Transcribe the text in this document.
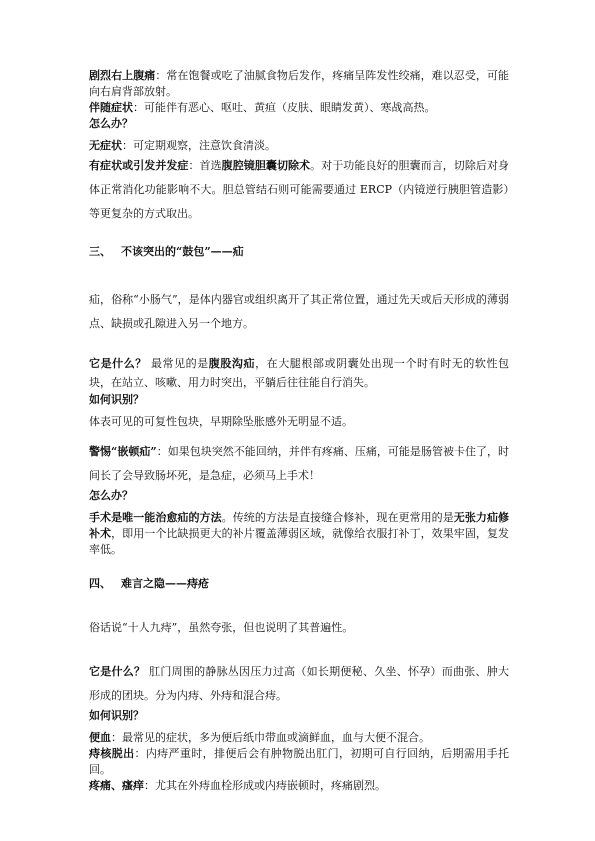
剧烈右上腹痛：常在饱餐或吃了油腻食物后发作，疼痛呈阵发性绞痛，难以忍受，可能向右肩背部放射。

伴随症状：可能伴有恶心、呕吐、黄疸（皮肤、眼睛发黄）、寒战高热。

怎么办？

无症状：可定期观察，注意饮食清淡。

有症状或引发并发症：首选腹腔镜胆囊切除术。对于功能良好的胆囊而言，切除后对身体正常消化功能影响不大。胆总管结石则可能需要通过 ERCP（内镜逆行胰胆管造影）等更复杂的方式取出。

三、 不该突出的“鼓包”——疝

疝，俗称“小肠气”，是体内器官或组织离开了其正常位置，通过先天或后天形成的薄弱点、缺损或孔隙进入另一个地方。

它是什么？ 最常见的是腹股沟疝，在大腿根部或阴囊处出现一个时有时无的软性包块，在站立、咳嗽、用力时突出，平躺后往往能自行消失。

如何识别？

体表可见的可复性包块，早期除坠胀感外无明显不适。

警惕“嵌顿疝”：如果包块突然不能回纳，并伴有疼痛、压痛，可能是肠管被卡住了，时间长了会导致肠坏死，是急症，必须马上手术！

怎么办？

手术是唯一能治愈疝的方法。传统的方法是直接缝合修补，现在更常用的是无张力疝修补术，即用一个比缺损更大的补片覆盖薄弱区域，就像给衣服打补丁，效果牢固，复发率低。

四、 难言之隐——痔疮

俗话说“十人九痔”，虽然夸张，但也说明了其普遍性。

它是什么？ 肛门周围的静脉丛因压力过高（如长期便秘、久坐、怀孕）而曲张、肿大形成的团块。分为内痔、外痔和混合痔。

如何识别？

便血：最常见的症状，多为便后纸巾带血或滴鲜血，血与大便不混合。

痔核脱出：内痔严重时，排便后会有肿物脱出肛门，初期可自行回纳，后期需用手托回。

疼痛、瘙痒：尤其在外痔血栓形成或内痔嵌顿时，疼痛剧烈。
